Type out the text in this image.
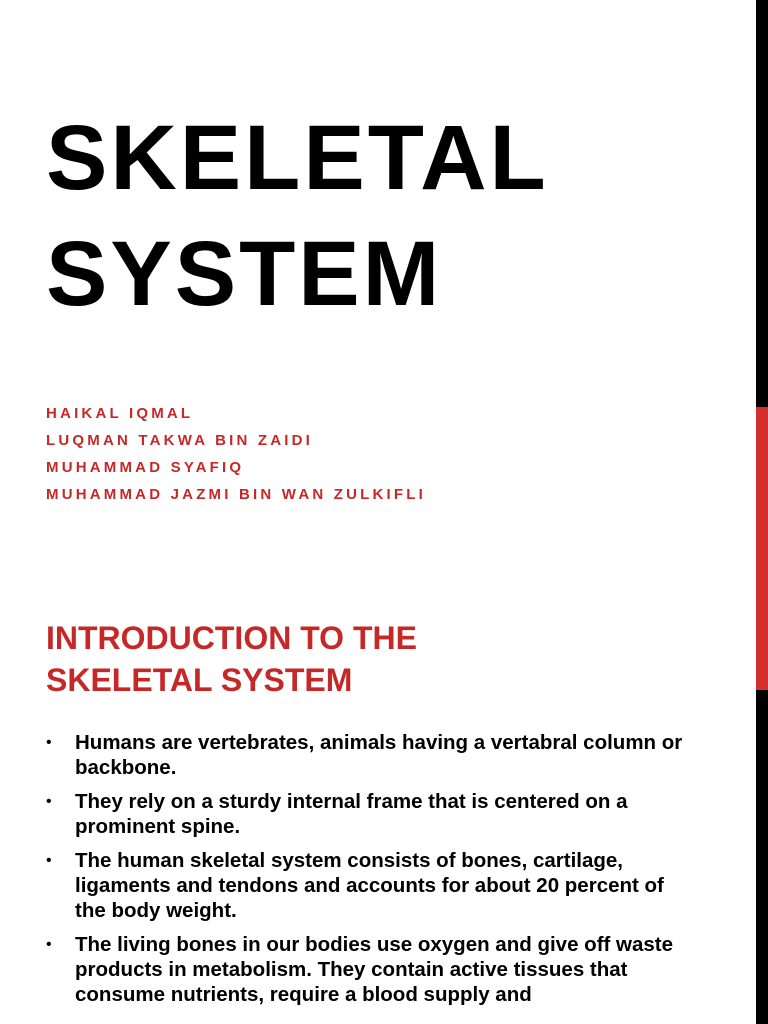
SKELETAL
SYSTEM
HAIKAL IQMAL
LUQMAN TAKWA BIN ZAIDI
MUHAMMAD SYAFIQ
MUHAMMAD JAZMI BIN WAN ZULKIFLI
INTRODUCTION TO THE
SKELETAL SYSTEM
• Humans are vertebrates, animals having a vertabral column or backbone.
• They rely on a sturdy internal frame that is centered on a prominent spine.
• The human skeletal system consists of bones, cartilage, ligaments and tendons and accounts for about 20 percent of the body weight.
• The living bones in our bodies use oxygen and give off waste products in metabolism. They contain active tissues that consume nutrients, require a blood supply and
